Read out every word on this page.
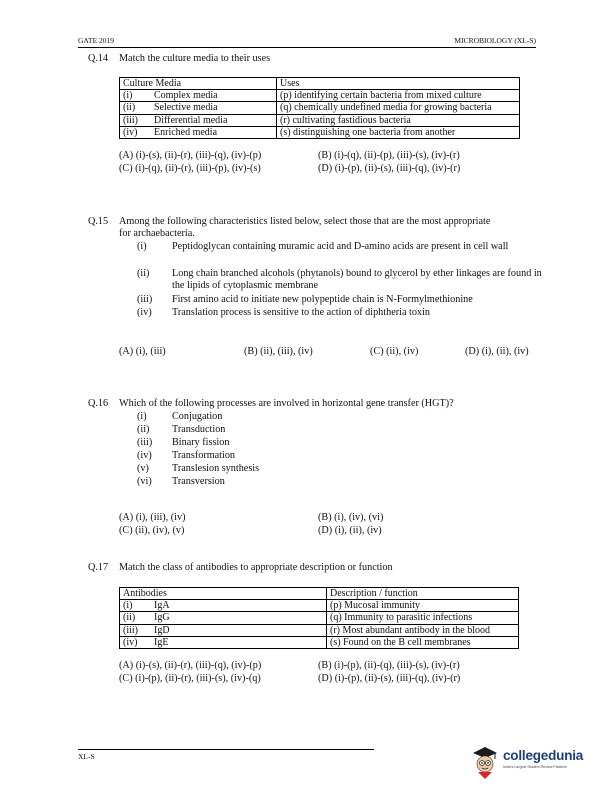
GATE 2019	MICROBIOLOGY (XL-S)
Q.14 Match the culture media to their uses
Culture Media		Uses
(i)	Complex media	(p) identifying certain bacteria from mixed culture
(ii)	Selective media	(q) chemically undefined media for growing bacteria
(iii)	Differential media	(r) cultivating fastidious bacteria
(iv)	Enriched media	(s) distinguishing one bacteria from another
(A) (i)-(s), (ii)-(r), (iii)-(q), (iv)-(p)
(C) (i)-(q), (ii)-(r), (iii)-(p), (iv)-(s)
(B) (i)-(q), (ii)-(p), (iii)-(s), (iv)-(r)
(D) (i)-(p), (ii)-(s), (iii)-(q), (iv)-(r)
Q.15 Among the following characteristics listed below, select those that are the most appropriate
for archaebacteria.
(i)	Peptidoglycan containing muramic acid and D-amino acids are present in cell wall
(ii)	Long chain branched alcohols (phytanols) bound to glycerol by ether linkages are found in the lipids of cytoplasmic membrane
(iii)	First amino acid to initiate new polypeptide chain is N-Formylmethionine
(iv)	Translation process is sensitive to the action of diphtheria toxin
(A) (i), (iii)	(B) (ii), (iii), (iv)	(C) (ii), (iv)	(D) (i), (ii), (iv)
Q.16 Which of the following processes are involved in horizontal gene transfer (HGT)?
(i)	Conjugation
(ii)	Transduction
(iii)	Binary fission
(iv)	Transformation
(v)	Translesion synthesis
(vi)	Transversion
(A) (i), (iii), (iv)
(C) (ii), (iv), (v)
(B) (i), (iv), (vi)
(D) (i), (ii), (iv)
Q.17 Match the class of antibodies to appropriate description or function
Antibodies		Description / function
(i)	IgA	(p) Mucosal immunity
(ii)	IgG	(q) Immunity to parasitic infections
(iii)	IgD	(r) Most abundant antibody in the blood
(iv)	IgE	(s) Found on the B cell membranes
(A) (i)-(s), (ii)-(r), (iii)-(q), (iv)-(p)
(C) (i)-(p), (ii)-(r), (iii)-(s), (iv)-(q)
(B) (i)-(p), (ii)-(q), (iii)-(s), (iv)-(r)
(D) (i)-(p), (ii)-(s), (iii)-(q), (iv)-(r)
XL-S	collegedunia
India's Largest Student Review Platform
